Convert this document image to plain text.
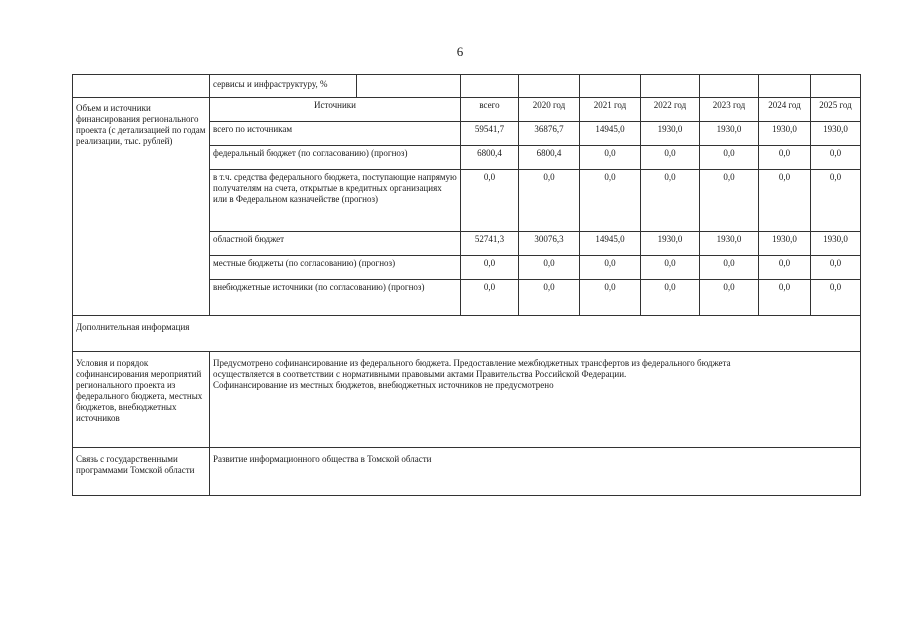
6

	сервисы и инфраструктуру, %							

Объем и источники финансирования регионального проекта (с детализацией по годам реализации, тыс. рублей)	Источники	всего	2020 год	2021 год	2022 год	2023 год	2024 год	2025 год
	всего по источникам	59541,7	36876,7	14945,0	1930,0	1930,0	1930,0	1930,0
	федеральный бюджет (по согласованию) (прогноз)	6800,4	6800,4	0,0	0,0	0,0	0,0	0,0
	в т.ч. средства федерального бюджета, поступающие напрямую получателям на счета, открытые в кредитных организациях или в Федеральном казначействе (прогноз)	0,0	0,0	0,0	0,0	0,0	0,0	0,0
	областной бюджет	52741,3	30076,3	14945,0	1930,0	1930,0	1930,0	1930,0
	местные бюджеты (по согласованию) (прогноз)	0,0	0,0	0,0	0,0	0,0	0,0	0,0
	внебюджетные источники (по согласованию) (прогноз)	0,0	0,0	0,0	0,0	0,0	0,0	0,0
Дополнительная информация								
Условия и порядок софинансирования мероприятий регионального проекта из федерального бюджета, местных бюджетов, внебюджетных источников	Предусмотрено софинансирование из федерального бюджета. Предоставление межбюджетных трансфертов из федерального бюджета
осуществляется в соответствии с нормативными правовыми актами Правительства Российской Федерации.
Софинансирование из местных бюджетов, внебюджетных источников не предусмотрено							

Связь с государственными программами Томской области	Развитие информационного общества в Томской области							
